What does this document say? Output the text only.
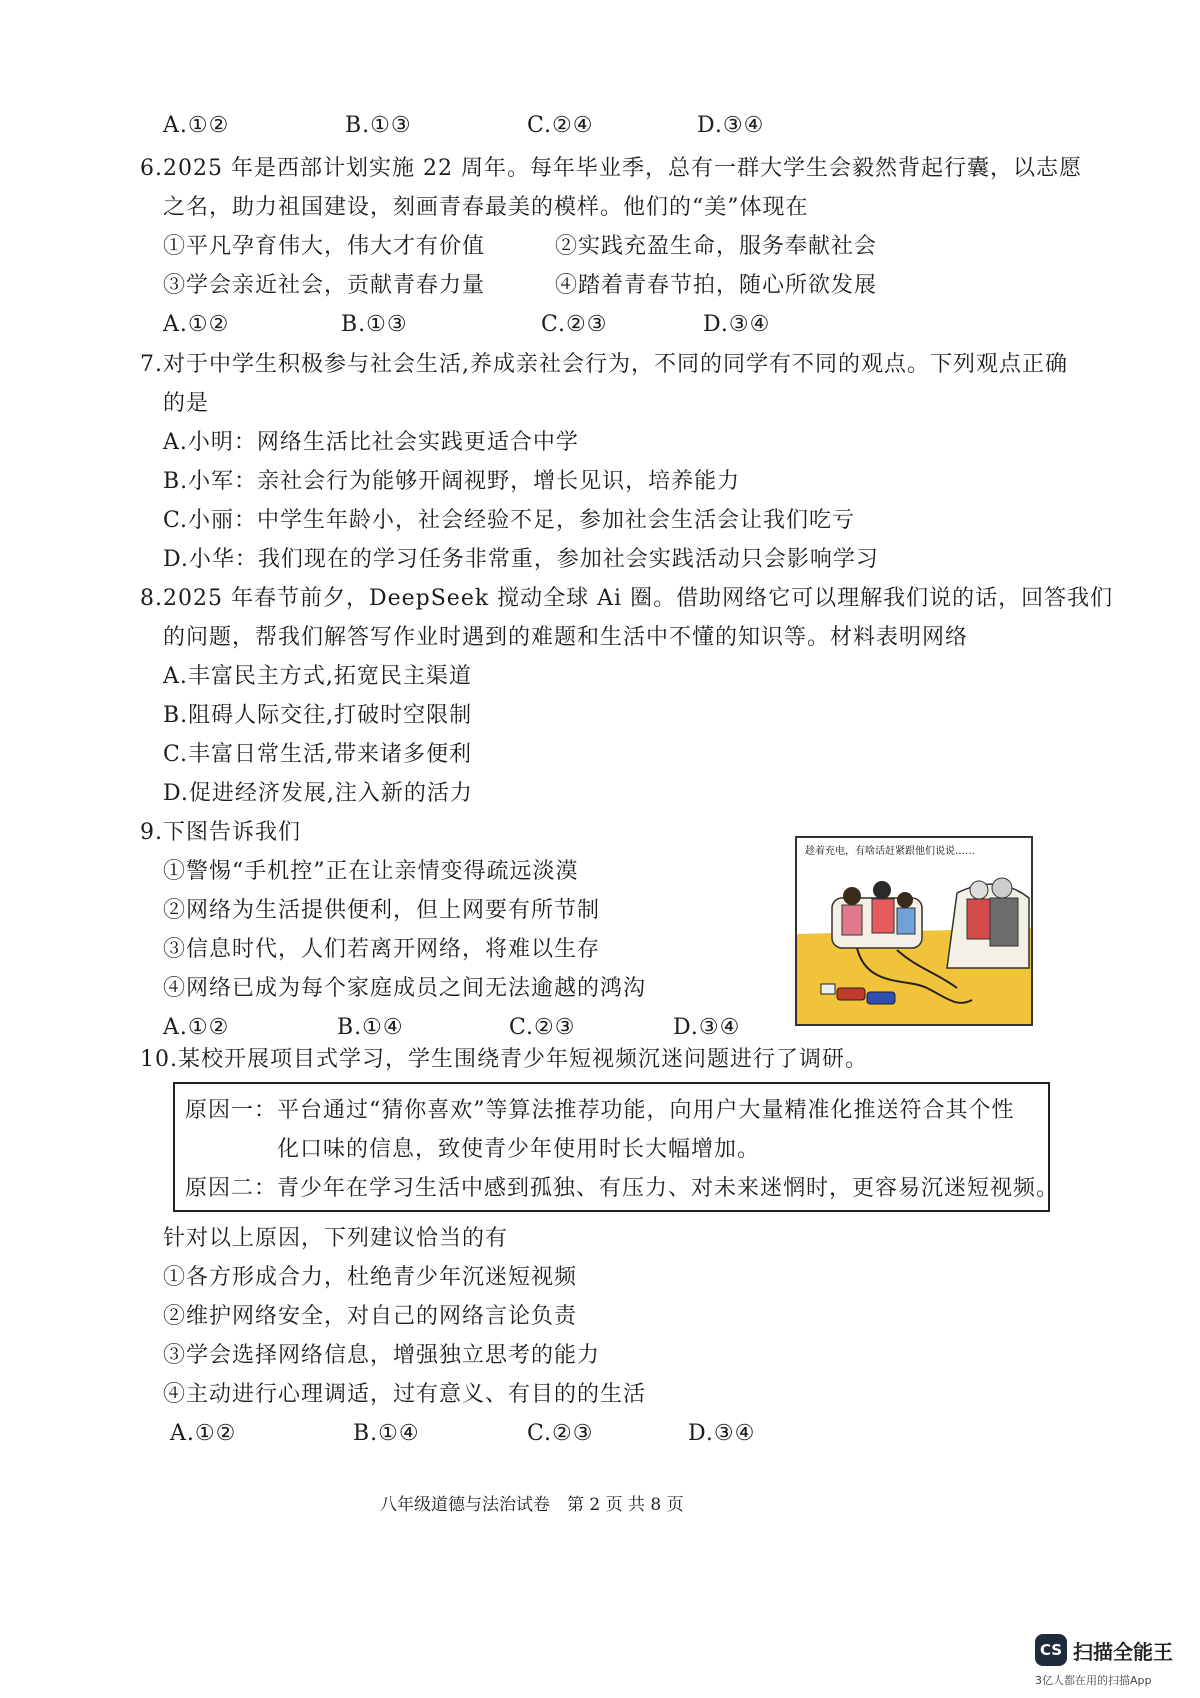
A.①②	B.①③	C.②④	D.③④
6.2025 年是西部计划实施 22 周年。每年毕业季，总有一群大学生会毅然背起行囊，以志愿
之名，助力祖国建设，刻画青春最美的模样。他们的“美”体现在
①平凡孕育伟大，伟大才有价值	②实践充盈生命，服务奉献社会
③学会亲近社会，贡献青春力量	④踏着青春节拍，随心所欲发展
A.①②	B.①③	C.②③	D.③④
7.对于中学生积极参与社会生活,养成亲社会行为，不同的同学有不同的观点。下列观点正确
的是
A.小明：网络生活比社会实践更适合中学
B.小军：亲社会行为能够开阔视野，增长见识，培养能力
C.小丽：中学生年龄小，社会经验不足，参加社会生活会让我们吃亏
D.小华：我们现在的学习任务非常重，参加社会实践活动只会影响学习
8.2025 年春节前夕，DeepSeek 搅动全球 Ai 圈。借助网络它可以理解我们说的话，回答我们
的问题，帮我们解答写作业时遇到的难题和生活中不懂的知识等。材料表明网络
A.丰富民主方式,拓宽民主渠道
B.阻碍人际交往,打破时空限制
C.丰富日常生活,带来诸多便利
D.促进经济发展,注入新的活力
9.下图告诉我们
①警惕“手机控”正在让亲情变得疏远淡漠
②网络为生活提供便利，但上网要有所节制
③信息时代，人们若离开网络，将难以生存
④网络已成为每个家庭成员之间无法逾越的鸿沟
A.①②	B.①④	C.②③	D.③④
趁着充电，有啥话赶紧跟他们说说……
10.某校开展项目式学习，学生围绕青少年短视频沉迷问题进行了调研。
原因一：平台通过“猜你喜欢”等算法推荐功能，向用户大量精准化推送符合其个性
化口味的信息，致使青少年使用时长大幅增加。
原因二：青少年在学习生活中感到孤独、有压力、对未来迷惘时，更容易沉迷短视频。
针对以上原因，下列建议恰当的有
①各方形成合力，杜绝青少年沉迷短视频
②维护网络安全，对自己的网络言论负责
③学会选择网络信息，增强独立思考的能力
④主动进行心理调适，过有意义、有目的的生活
A.①②	B.①④	C.②③	D.③④
八年级道德与法治试卷　第 2 页 共 8 页
CS 扫描全能王
3亿人都在用的扫描App
